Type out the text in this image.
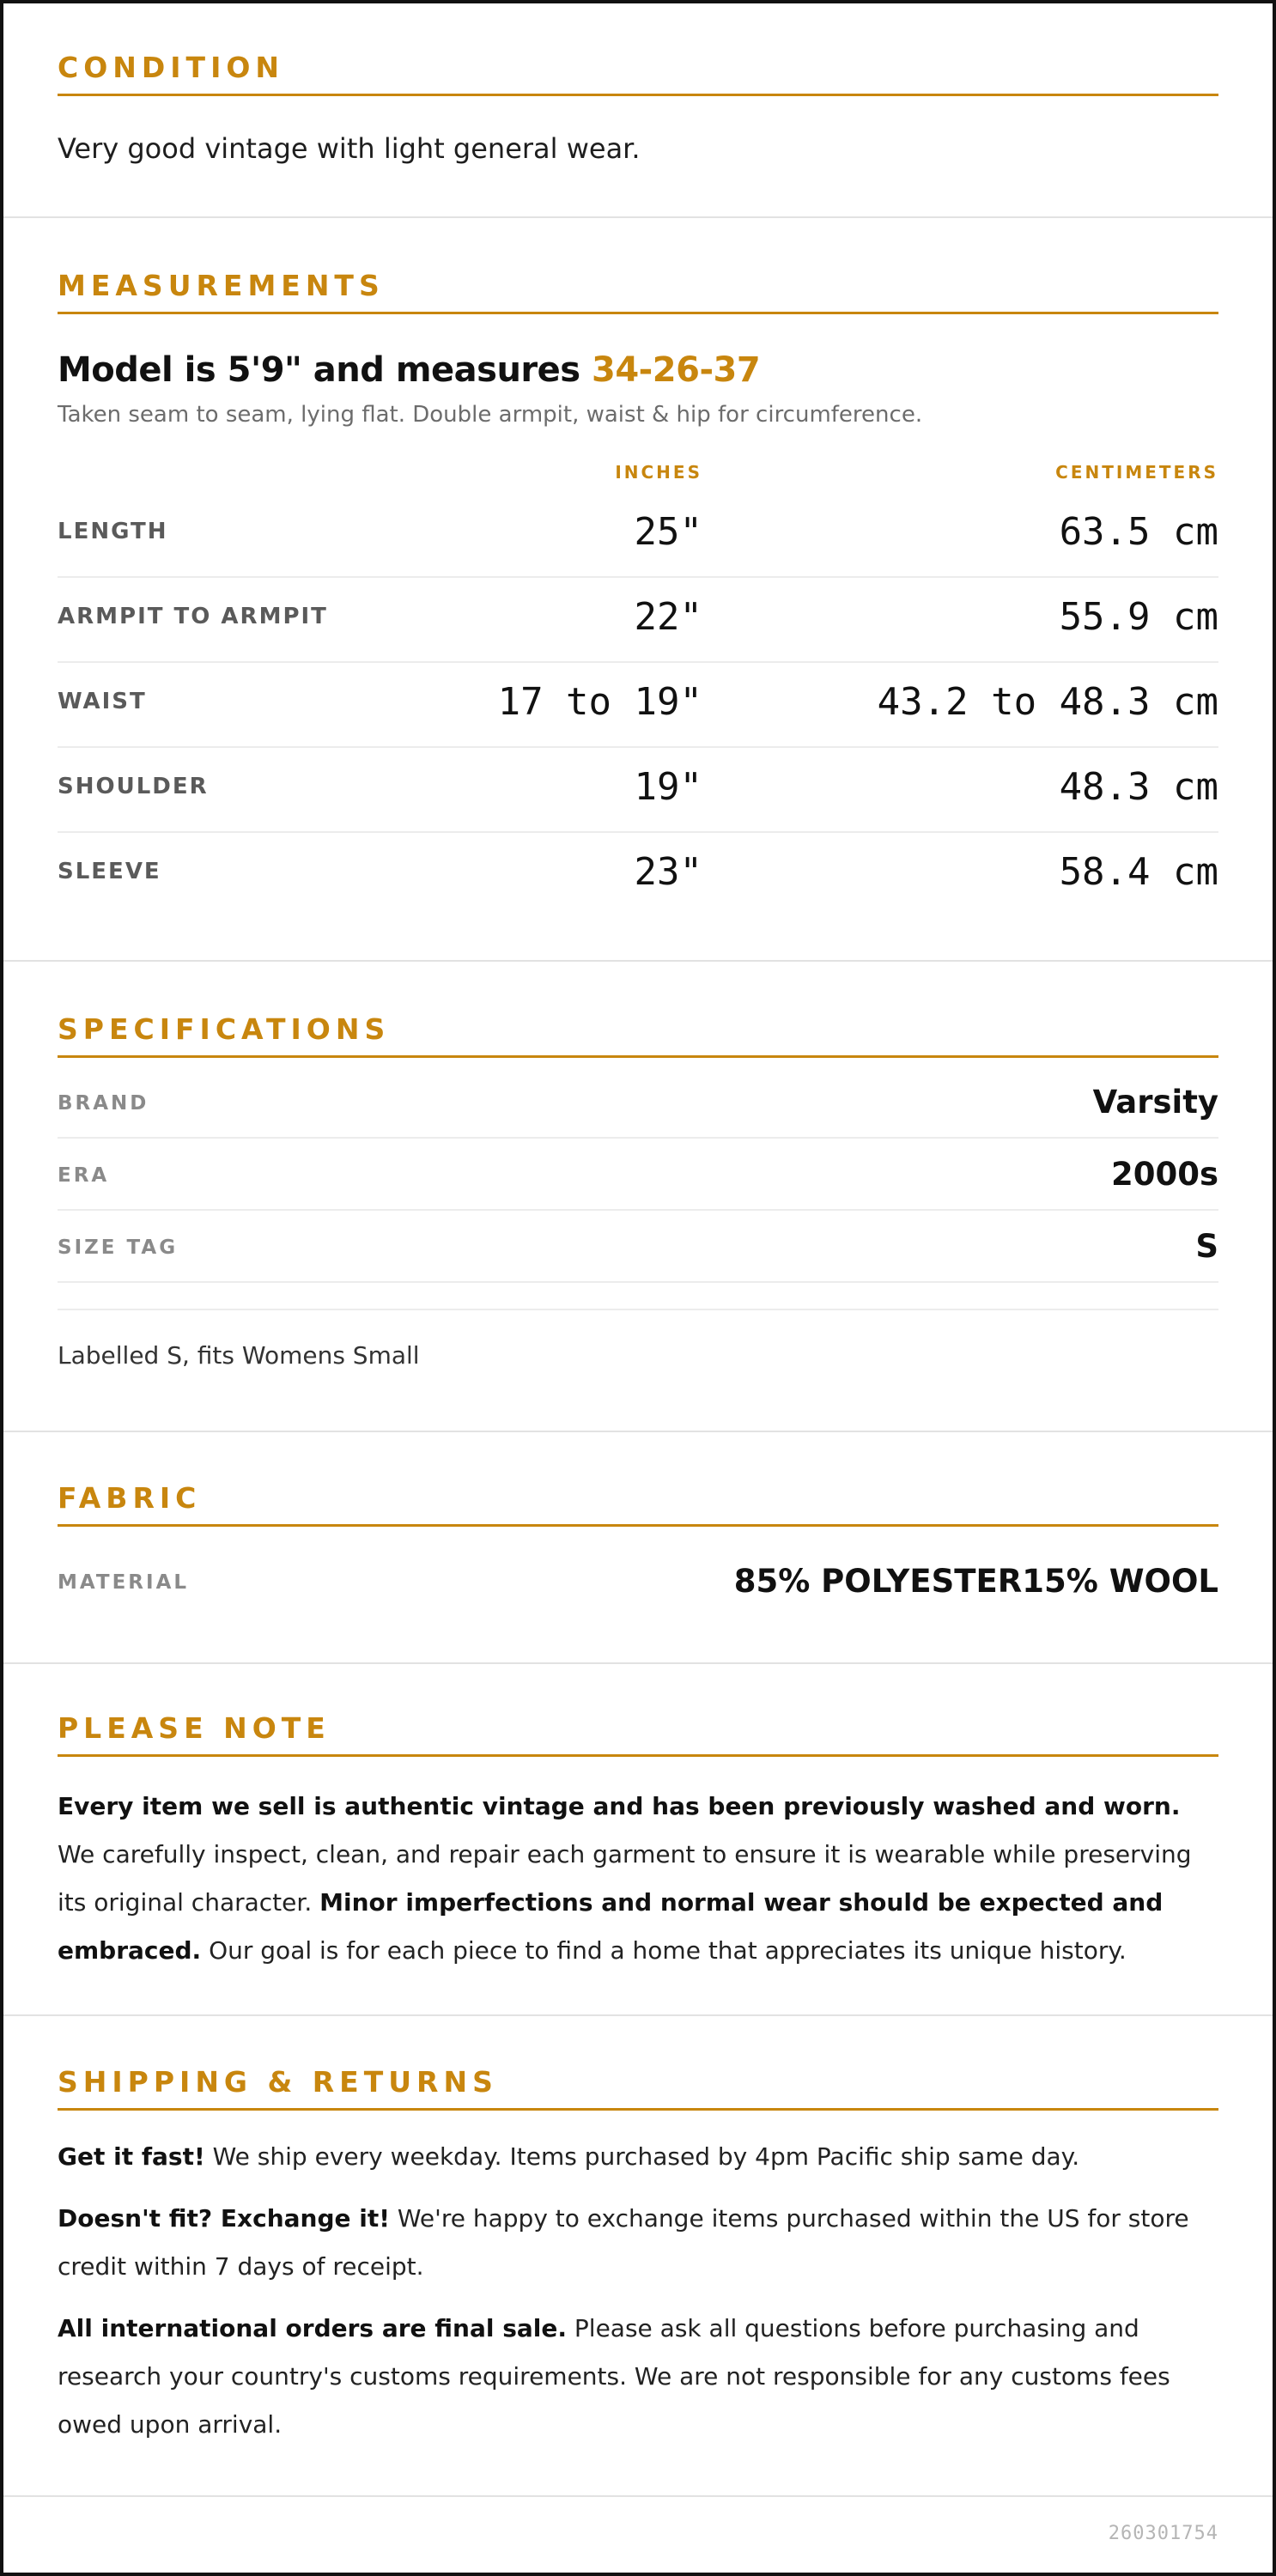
CONDITION
Very good vintage with light general wear.
MEASUREMENTS
Model is 5'9" and measures 34-26-37
Taken seam to seam, lying flat. Double armpit, waist & hip for circumference.
INCHES	CENTIMETERS
LENGTH	25"	63.5 cm
ARMPIT TO ARMPIT	22"	55.9 cm
WAIST	17 to 19"	43.2 to 48.3 cm
SHOULDER	19"	48.3 cm
SLEEVE	23"	58.4 cm
SPECIFICATIONS
BRAND	Varsity
ERA	2000s
SIZE TAG	S
Labelled S, fits Womens Small
FABRIC
MATERIAL	85% POLYESTER15% WOOL
PLEASE NOTE

Every item we sell is authentic vintage and has been previously washed and worn. We carefully inspect, clean, and repair each garment to ensure it is wearable while preserving its original character. Minor imperfections and normal wear should be expected and embraced. Our goal is for each piece to find a home that appreciates its unique history.

SHIPPING & RETURNS

Get it fast! We ship every weekday. Items purchased by 4pm Pacific ship same day.

Doesn't fit? Exchange it! We're happy to exchange items purchased within the US for store credit within 7 days of receipt.

All international orders are final sale. Please ask all questions before purchasing and research your country's customs requirements. We are not responsible for any customs fees owed upon arrival.

260301754
